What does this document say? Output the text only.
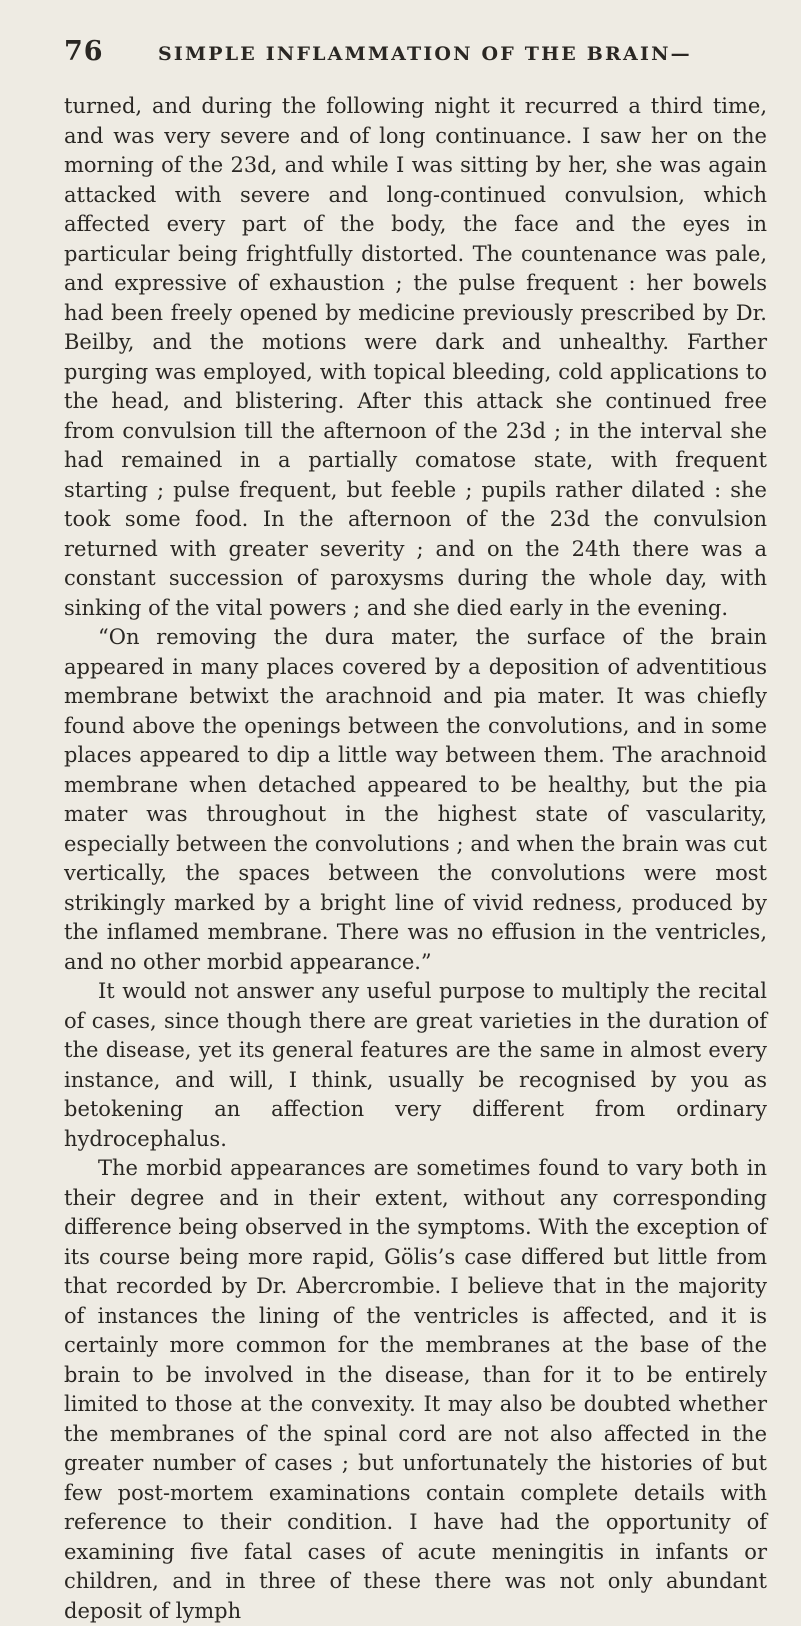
76	SIMPLE INFLAMMATION OF THE BRAIN—

turned, and during the following night it recurred a third time, and was very severe and of long continuance. I saw her on the morning of the 23d, and while I was sitting by her, she was again attacked with severe and long-continued convulsion, which affected every part of the body, the face and the eyes in particular being frightfully distorted. The countenance was pale, and expressive of exhaustion ; the pulse frequent : her bowels had been freely opened by medicine previously prescribed by Dr. Beilby, and the motions were dark and unhealthy. Farther purging was employed, with topical bleeding, cold applications to the head, and blistering. After this attack she continued free from convulsion till the afternoon of the 23d ; in the interval she had remained in a partially comatose state, with frequent starting ; pulse frequent, but feeble ; pupils rather dilated : she took some food. In the afternoon of the 23d the convulsion returned with greater severity ; and on the 24th there was a constant succession of paroxysms during the whole day, with sinking of the vital powers ; and she died early in the evening.

“On removing the dura mater, the surface of the brain appeared in many places covered by a deposition of adventitious membrane betwixt the arachnoid and pia mater. It was chiefly found above the openings between the convolutions, and in some places appeared to dip a little way between them. The arachnoid membrane when detached appeared to be healthy, but the pia mater was throughout in the highest state of vascularity, especially between the convolutions ; and when the brain was cut vertically, the spaces between the convolutions were most strikingly marked by a bright line of vivid redness, produced by the inflamed membrane. There was no effusion in the ventricles, and no other morbid appearance.”

It would not answer any useful purpose to multiply the recital of cases, since though there are great varieties in the duration of the disease, yet its general features are the same in almost every instance, and will, I think, usually be recognised by you as betokening an affection very different from ordinary hydrocephalus.

The morbid appearances are sometimes found to vary both in their degree and in their extent, without any corresponding difference being observed in the symptoms. With the exception of its course being more rapid, Gölis’s case differed but little from that recorded by Dr. Abercrombie. I believe that in the majority of instances the lining of the ventricles is affected, and it is certainly more common for the membranes at the base of the brain to be involved in the disease, than for it to be entirely limited to those at the convexity. It may also be doubted whether the membranes of the spinal cord are not also affected in the greater number of cases ; but unfortunately the histories of but few post-mortem examinations contain complete details with reference to their condition. I have had the opportunity of examining five fatal cases of acute meningitis in infants or children, and in three of these there was not only abundant deposit of lymph
